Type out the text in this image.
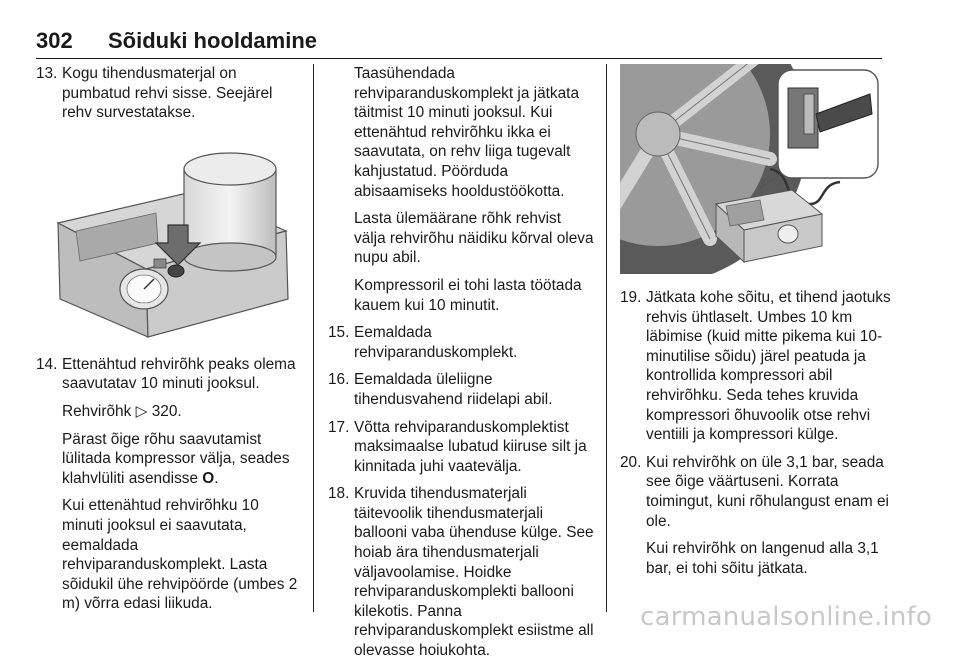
302 Sõiduki hooldamine
13. Kogu tihendusmaterjal on pumbatud rehvi sisse. Seejärel rehv survestatakse.
14. Ettenähtud rehvirõhk peaks olema saavutatav 10 minuti jooksul.
Rehvirõhk ▷ 320.
Pärast õige rõhu saavutamist lülitada kompressor välja, seades klahvlüliti asendisse O.
Kui ettenähtud rehvirõhku 10 minuti jooksul ei saavutata, eemaldada rehviparanduskomplekt. Lasta sõidukil ühe rehvipöörde (umbes 2 m) võrra edasi liikuda.
Taasühendada rehviparanduskomplekt ja jätkata täitmist 10 minuti jooksul. Kui ettenähtud rehvirõhku ikka ei saavutata, on rehv liiga tugevalt kahjustatud. Pöörduda abisaamiseks hooldustöökotta.
Lasta ülemäärane rõhk rehvist välja rehvirõhu näidiku kõrval oleva nupu abil.
Kompressoril ei tohi lasta töötada kauem kui 10 minutit.
15. Eemaldada rehviparanduskomplekt.
16. Eemaldada üleliigne tihendusvahend riidelapi abil.
17. Võtta rehviparanduskomplektist maksimaalse lubatud kiiruse silt ja kinnitada juhi vaatevälja.
18. Kruvida tihendusmaterjali täitevoolik tihendusmaterjali ballooni vaba ühenduse külge. See hoiab ära tihendusmaterjali väljavoolamise. Hoidke rehviparanduskomplekti ballooni kilekotis. Panna rehviparanduskomplekt esiistme all olevasse hoiukohta.
19. Jätkata kohe sõitu, et tihend jaotuks rehvis ühtlaselt. Umbes 10 km läbimise (kuid mitte pikema kui 10-minutilise sõidu) järel peatuda ja kontrollida kompressori abil rehvirõhku. Seda tehes kruvida kompressori õhuvoolik otse rehvi ventiili ja kompressori külge.
20. Kui rehvirõhk on üle 3,1 bar, seada see õige väärtuseni. Korrata toimingut, kuni rõhulangust enam ei ole.
Kui rehvirõhk on langenud alla 3,1 bar, ei tohi sõitu jätkata.
carmanualsonline.info
